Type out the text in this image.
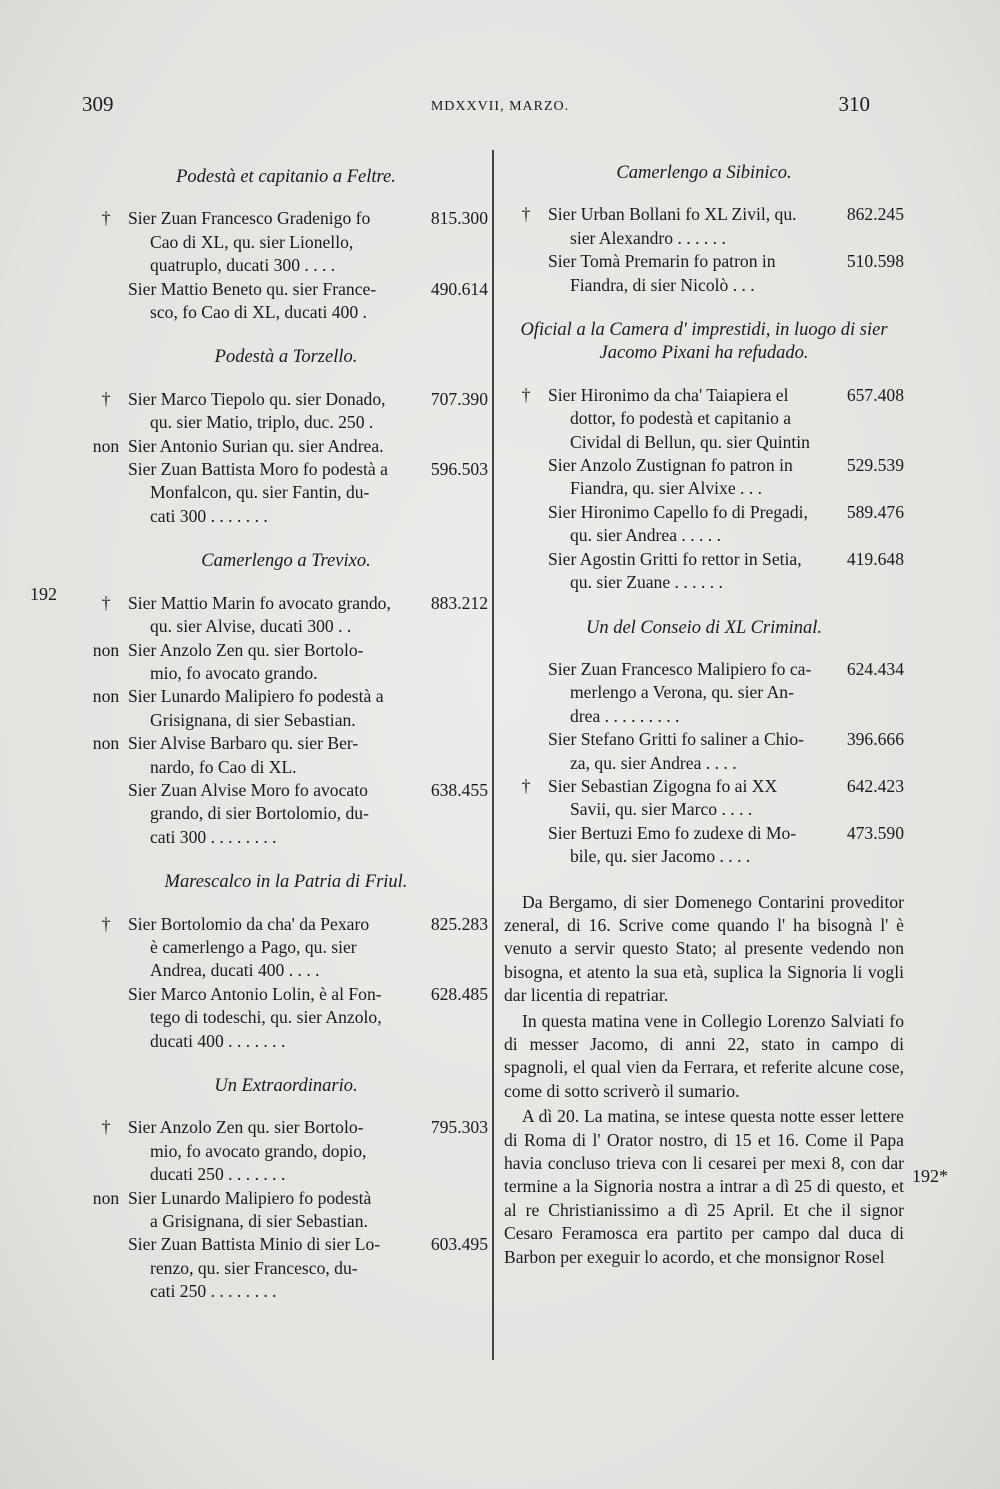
309	MDXXVII, MARZO.	310
192
192*
Podestà et capitanio a Feltre.
†	Sier Zuan Francesco Gradenigo fo
Cao di XL, qu. sier Lionello,
quatruplo, ducati 300 . . . .
815.300
Sier Mattio Beneto qu. sier France-
sco, fo Cao di XL, ducati 400 .
490.614
Podestà a Torzello.
†	Sier Marco Tiepolo qu. sier Donado,
qu. sier Matio, triplo, duc. 250 .
707.390
non Sier Antonio Surian qu. sier Andrea.
Sier Zuan Battista Moro fo podestà a
Monfalcon, qu. sier Fantin, du-
cati 300 . . . . . . .
596.503
Camerlengo a Trevixo.
†	Sier Mattio Marin fo avocato grando,
qu. sier Alvise, ducati 300 . .
883.212
non Sier Anzolo Zen qu. sier Bortolo-
mio, fo avocato grando.
non Sier Lunardo Malipiero fo podestà a
Grisignana, di sier Sebastian.
non Sier Alvise Barbaro qu. sier Ber-
nardo, fo Cao di XL.
Sier Zuan Alvise Moro fo avocato
grando, di sier Bortolomio, du-
cati 300 . . . . . . . .
638.455
Marescalco in la Patria di Friul.
†	Sier Bortolomio da cha' da Pexaro
è camerlengo a Pago, qu. sier
Andrea, ducati 400 . . . .
825.283
Sier Marco Antonio Lolin, è al Fon-
tego di todeschi, qu. sier Anzolo,
ducati 400 . . . . . . .
628.485
Un Extraordinario.
†	Sier Anzolo Zen qu. sier Bortolo-
mio, fo avocato grando, dopio,
ducati 250 . . . . . . .
795.303
non Sier Lunardo Malipiero fo podestà
a Grisignana, di sier Sebastian.
Sier Zuan Battista Minio di sier Lo-
renzo, qu. sier Francesco, du-
cati 250 . . . . . . . .
603.495
Camerlengo a Sibinico.
†	Sier Urban Bollani fo XL Zivil, qu.
sier Alexandro . . . . . .
862.245
Sier Tomà Premarin fo patron in
Fiandra, di sier Nicolò . . .
510.598
Oficial a la Camera d' imprestidi, in luogo di sier Jacomo Pixani ha refudado.
†	Sier Hironimo da cha' Taiapiera el
dottor, fo podestà et capitanio a
Cividal di Bellun, qu. sier Quintin
657.408
Sier Anzolo Zustignan fo patron in
Fiandra, qu. sier Alvixe . . .
529.539
Sier Hironimo Capello fo di Pregadi,
qu. sier Andrea . . . . .
589.476
Sier Agostin Gritti fo rettor in Setia,
qu. sier Zuane . . . . . .
419.648
Un del Conseio di XL Criminal.
Sier Zuan Francesco Malipiero fo ca-
merlengo a Verona, qu. sier An-
drea . . . . . . . . .
624.434
Sier Stefano Gritti fo saliner a Chio-
za, qu. sier Andrea . . . .
396.666
†	Sier Sebastian Zigogna fo ai XX
Savii, qu. sier Marco . . . .
642.423
Sier Bertuzi Emo fo zudexe di Mo-
bile, qu. sier Jacomo . . . .
473.590

Da Bergamo, di sier Domenego Contarini proveditor zeneral, di 16. Scrive come quando l' ha bisognà l' è venuto a servir questo Stato; al presente vedendo non bisogna, et atento la sua età, suplica la Signoria li vogli dar licentia di repatriar.

In questa matina vene in Collegio Lorenzo Salviati fo di messer Jacomo, di anni 22, stato in campo di spagnoli, el qual vien da Ferrara, et referite alcune cose, come di sotto scriverò il sumario.

A dì 20. La matina, se intese questa notte esser lettere di Roma di l' Orator nostro, di 15 et 16. Come il Papa havia concluso trieva con li cesarei per mexi 8, con dar termine a la Signoria nostra a intrar a dì 25 di questo, et al re Christianissimo a dì 25 April. Et che il signor Cesaro Feramosca era partito per campo dal duca di Barbon per exeguir lo acordo, et che monsignor Rosel
